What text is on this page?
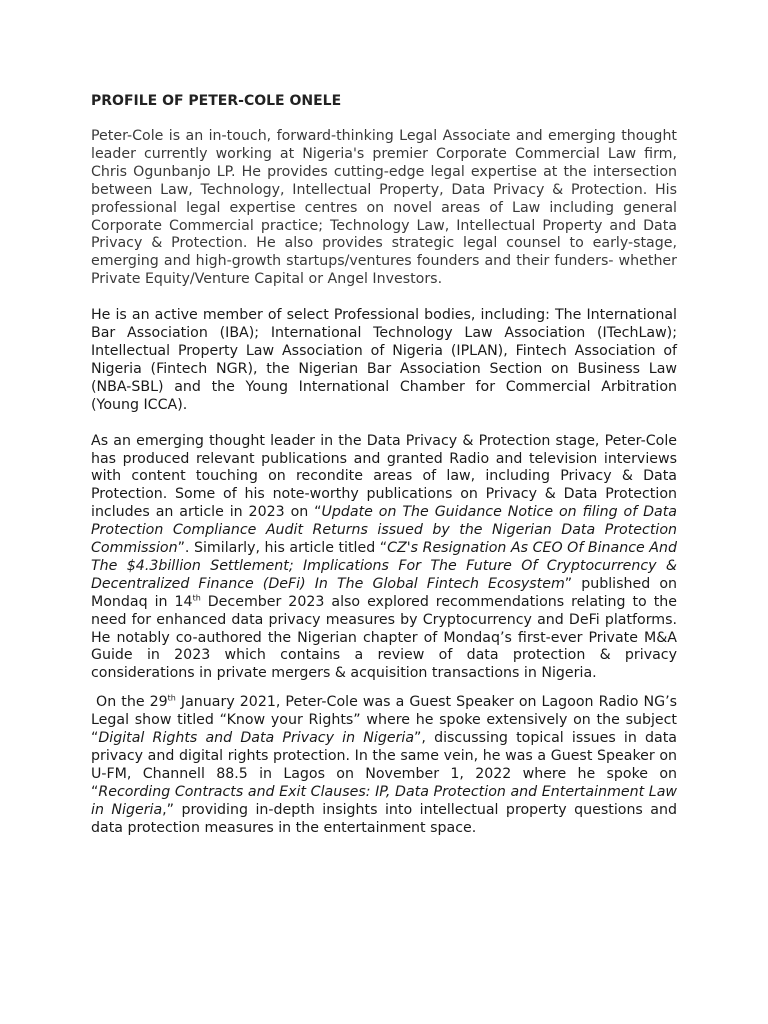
PROFILE OF PETER-COLE ONELE

Peter-Cole is an in-touch, forward-thinking Legal Associate and emerging thought leader currently working at Nigeria's premier Corporate Commercial Law firm, Chris Ogunbanjo LP. He provides cutting-edge legal expertise at the intersection between Law, Technology, Intellectual Property, Data Privacy & Protection. His professional legal expertise centres on novel areas of Law including general Corporate Commercial practice; Technology Law, Intellectual Property and Data Privacy & Protection. He also provides strategic legal counsel to early-stage, emerging and high-growth startups/ventures founders and their funders- whether Private Equity/Venture Capital or Angel Investors.

He is an active member of select Professional bodies, including: The International Bar Association (IBA); International Technology Law Association (ITechLaw); Intellectual Property Law Association of Nigeria (IPLAN), Fintech Association of Nigeria (Fintech NGR), the Nigerian Bar Association Section on Business Law (NBA-SBL) and the Young International Chamber for Commercial Arbitration (Young ICCA).

As an emerging thought leader in the Data Privacy & Protection stage, Peter-Cole has produced relevant publications and granted Radio and television interviews with content touching on recondite areas of law, including Privacy & Data Protection. Some of his note-worthy publications on Privacy & Data Protection includes an article in 2023 on “Update on The Guidance Notice on filing of Data Protection Compliance Audit Returns issued by the Nigerian Data Protection Commission”. Similarly, his article titled “CZ's Resignation As CEO Of Binance And The $4.3billion Settlement; Implications For The Future Of Cryptocurrency & Decentralized Finance (DeFi) In The Global Fintech Ecosystem” published on Mondaq in 14th December 2023 also explored recommendations relating to the need for enhanced data privacy measures by Cryptocurrency and DeFi platforms. He notably co-authored the Nigerian chapter of Mondaq’s first-ever Private M&A Guide in 2023 which contains a review of data protection & privacy considerations in private mergers & acquisition transactions in Nigeria.

On the 29th January 2021, Peter-Cole was a Guest Speaker on Lagoon Radio NG’s Legal show titled “Know your Rights” where he spoke extensively on the subject “Digital Rights and Data Privacy in Nigeria”, discussing topical issues in data privacy and digital rights protection. In the same vein, he was a Guest Speaker on U-FM, Channell 88.5 in Lagos on November 1, 2022 where he spoke on “Recording Contracts and Exit Clauses: IP, Data Protection and Entertainment Law in Nigeria,” providing in-depth insights into intellectual property questions and data protection measures in the entertainment space.
